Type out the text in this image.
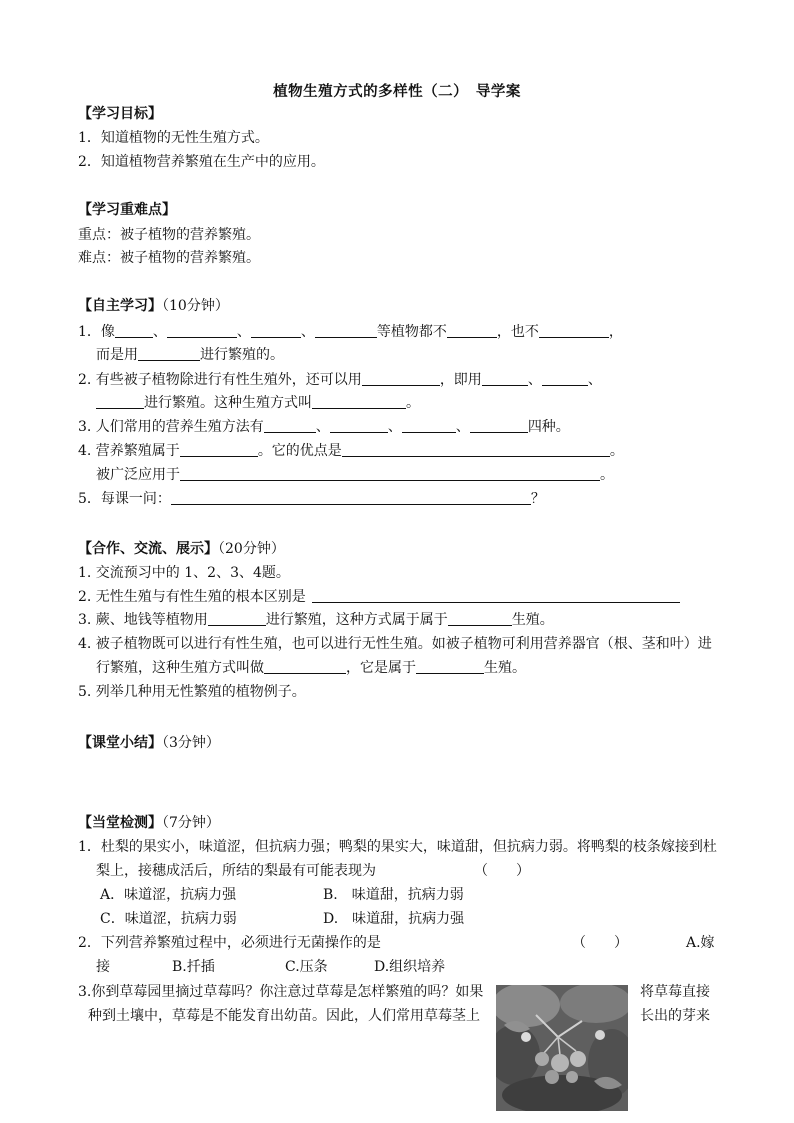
植物生殖方式的多样性（二）　导学案
【学习目标】
1．知道植物的无性生殖方式。
2．知道植物营养繁殖在生产中的应用。
【学习重难点】
重点：被子植物的营养繁殖。
难点：被子植物的营养繁殖。
【自主学习】（10分钟）
1．像	、	、	、	等植物都不	，也不	，
而是用	进行繁殖的。
2. 有些被子植物除进行有性生殖外，还可以用	，即用	、	、
进行繁殖。这种生殖方式叫	。
3. 人们常用的营养生殖方法有	、	、	、	四种。
4. 营养繁殖属于	。它的优点是	。
被广泛应用于	。
5．每课一问：	？
【合作、交流、展示】（20分钟）
1. 交流预习中的 1、2、3、4题。
2. 无性生殖与有性生殖的根本区别是
3. 蕨、地钱等植物用	进行繁殖，这种方式属于属于	生殖。
4. 被子植物既可以进行有性生殖，也可以进行无性生殖。如被子植物可利用营养器官（根、茎和叶）进
行繁殖，这种生殖方式叫做	，它是属于	生殖。
5. 列举几种用无性繁殖的植物例子。
【课堂小结】（3分钟）
【当堂检测】（7分钟）
1．杜梨的果实小，味道涩，但抗病力强；鸭梨的果实大，味道甜，但抗病力弱。将鸭梨的枝条嫁接到杜
梨上，接穗成活后，所结的梨最有可能表现为	（　　）
A．味道涩，抗病力强	B.　味道甜，抗病力弱
C．味道涩，抗病力弱	D.　味道甜，抗病力强
2．下列营养繁殖过程中，必须进行无菌操作的是	（　　）	A.嫁
接	B.扦插	C.压条	D.组织培养
3.你到草莓园里摘过草莓吗？你注意过草莓是怎样繁殖的吗？如果	将草莓直接
种到土壤中，草莓是不能发育出幼苗。因此，人们常用草莓茎上	长出的芽来
